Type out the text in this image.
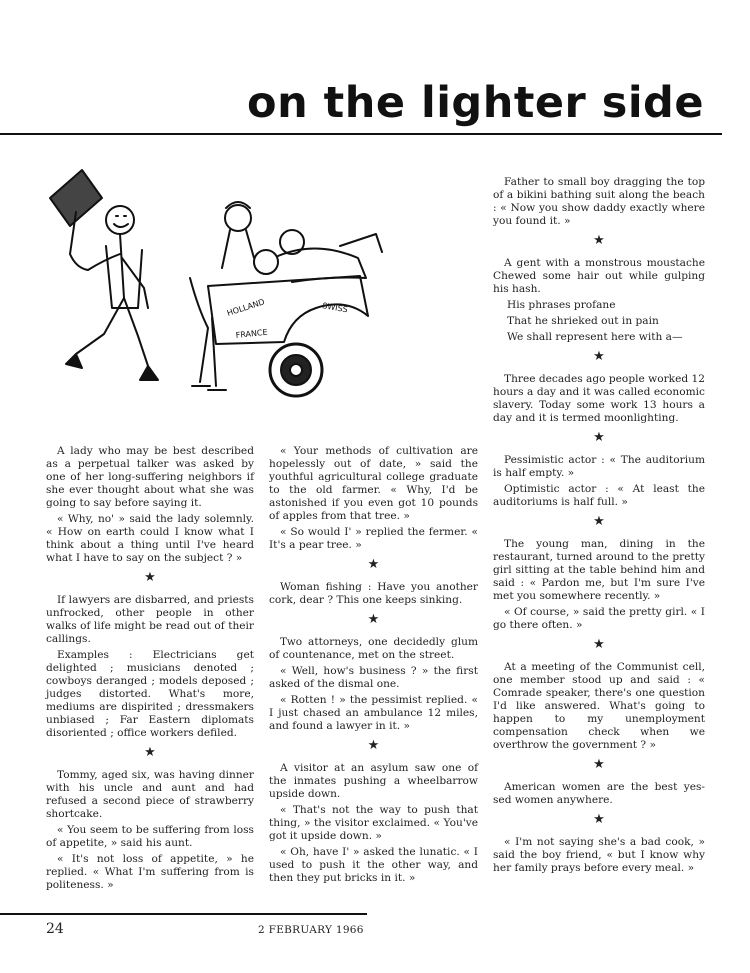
on the lighter side
HOLLAND
FRANCE
SWISS

A lady who may be best described as a perpetual talker was asked by one of her long-suffering neighbors if she ever thought about what she was going to say before saying it.

« Why, no' » said the lady solemnly. « How on earth could I know what I think about a thing until I've heard what I have to say on the subject ? »

★

If lawyers are disbarred, and priests unfrocked, other people in other walks of life might be read out of their callings.

Examples : Electricians get delighted ; musicians denoted ; cowboys deranged ; models deposed ; judges distorted. What's more, mediums are dispirited ; dressmakers unbiased ; Far Eastern diplomats disoriented ; office workers defiled.

★

Tommy, aged six, was having dinner with his uncle and aunt and had refused a second piece of strawberry shortcake.

« You seem to be suffering from loss of appetite, » said his aunt.

« It's not loss of appetite, » he replied. « What I'm suffering from is politeness. »

« Your methods of cultivation are hopelessly out of date, » said the youthful agricultural college graduate to the old farmer. « Why, I'd be astonished if you even got 10 pounds of apples from that tree. »

« So would I' » replied the fermer. « It's a pear tree. »

★

Woman fishing : Have you another cork, dear ? This one keeps sinking.

★

Two attorneys, one decidedly glum of countenance, met on the street.

« Well, how's business ? » the first asked of the dismal one.

« Rotten ! » the pessimist replied. « I just chased an ambulance 12 miles, and found a lawyer in it. »

★

A visitor at an asylum saw one of the inmates pushing a wheelbarrow upside down.

« That's not the way to push that thing, » the visitor exclaimed. « You've got it upside down. »

« Oh, have I' » asked the lunatic. « I used to push it the other way, and then they put bricks in it. »

Father to small boy dragging the top of a bikini bathing suit along the beach : « Now you show daddy exactly where you found it. »

★

A gent with a monstrous moustache Chewed some hair out while gulping his hash.

His phrases profane

That he shrieked out in pain

We shall represent here with a—

★

Three decades ago people worked 12 hours a day and it was called economic slavery. Today some work 13 hours a day and it is termed moonlighting.

★

Pessimistic actor : « The auditorium is half empty. »

Optimistic actor : « At least the auditoriums is half full. »

★

The young man, dining in the restaurant, turned around to the pretty girl sitting at the table behind him and said : « Pardon me, but I'm sure I've met you somewhere recently. »

« Of course, » said the pretty girl. « I go there often. »

★

At a meeting of the Communist cell, one member stood up and said : « Comrade speaker, there's one question I'd like answered. What's going to happen to my unemployment compensation check when we overthrow the government ? »

★

American women are the best yes-sed women anywhere.

★

« I'm not saying she's a bad cook, » said the boy friend, « but I know why her family prays before every meal. »

24	2 FEBRUARY 1966
